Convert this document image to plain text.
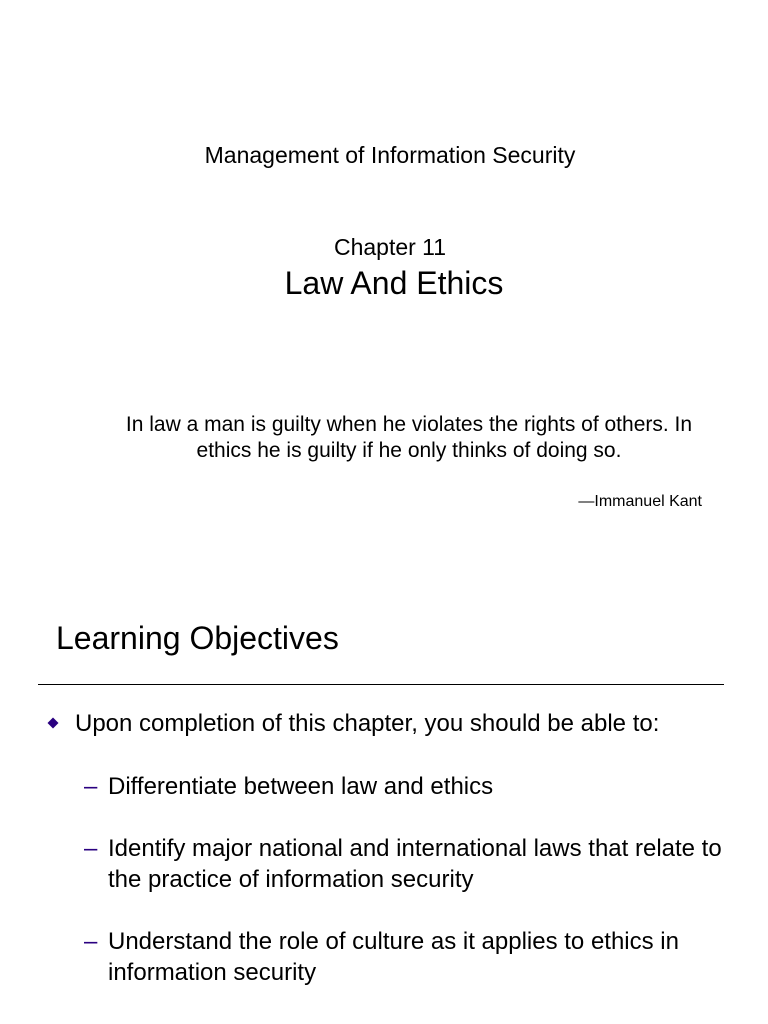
Management of Information Security
Chapter 11
Law And Ethics
In law a man is guilty when he violates the rights of others. In ethics he is guilty if he only thinks of doing so.
—Immanuel Kant
Learning Objectives
Upon completion of this chapter, you should be able to:
– Differentiate between law and ethics
– Identify major national and international laws that relate to the practice of information security
– Understand the role of culture as it applies to ethics in information security
